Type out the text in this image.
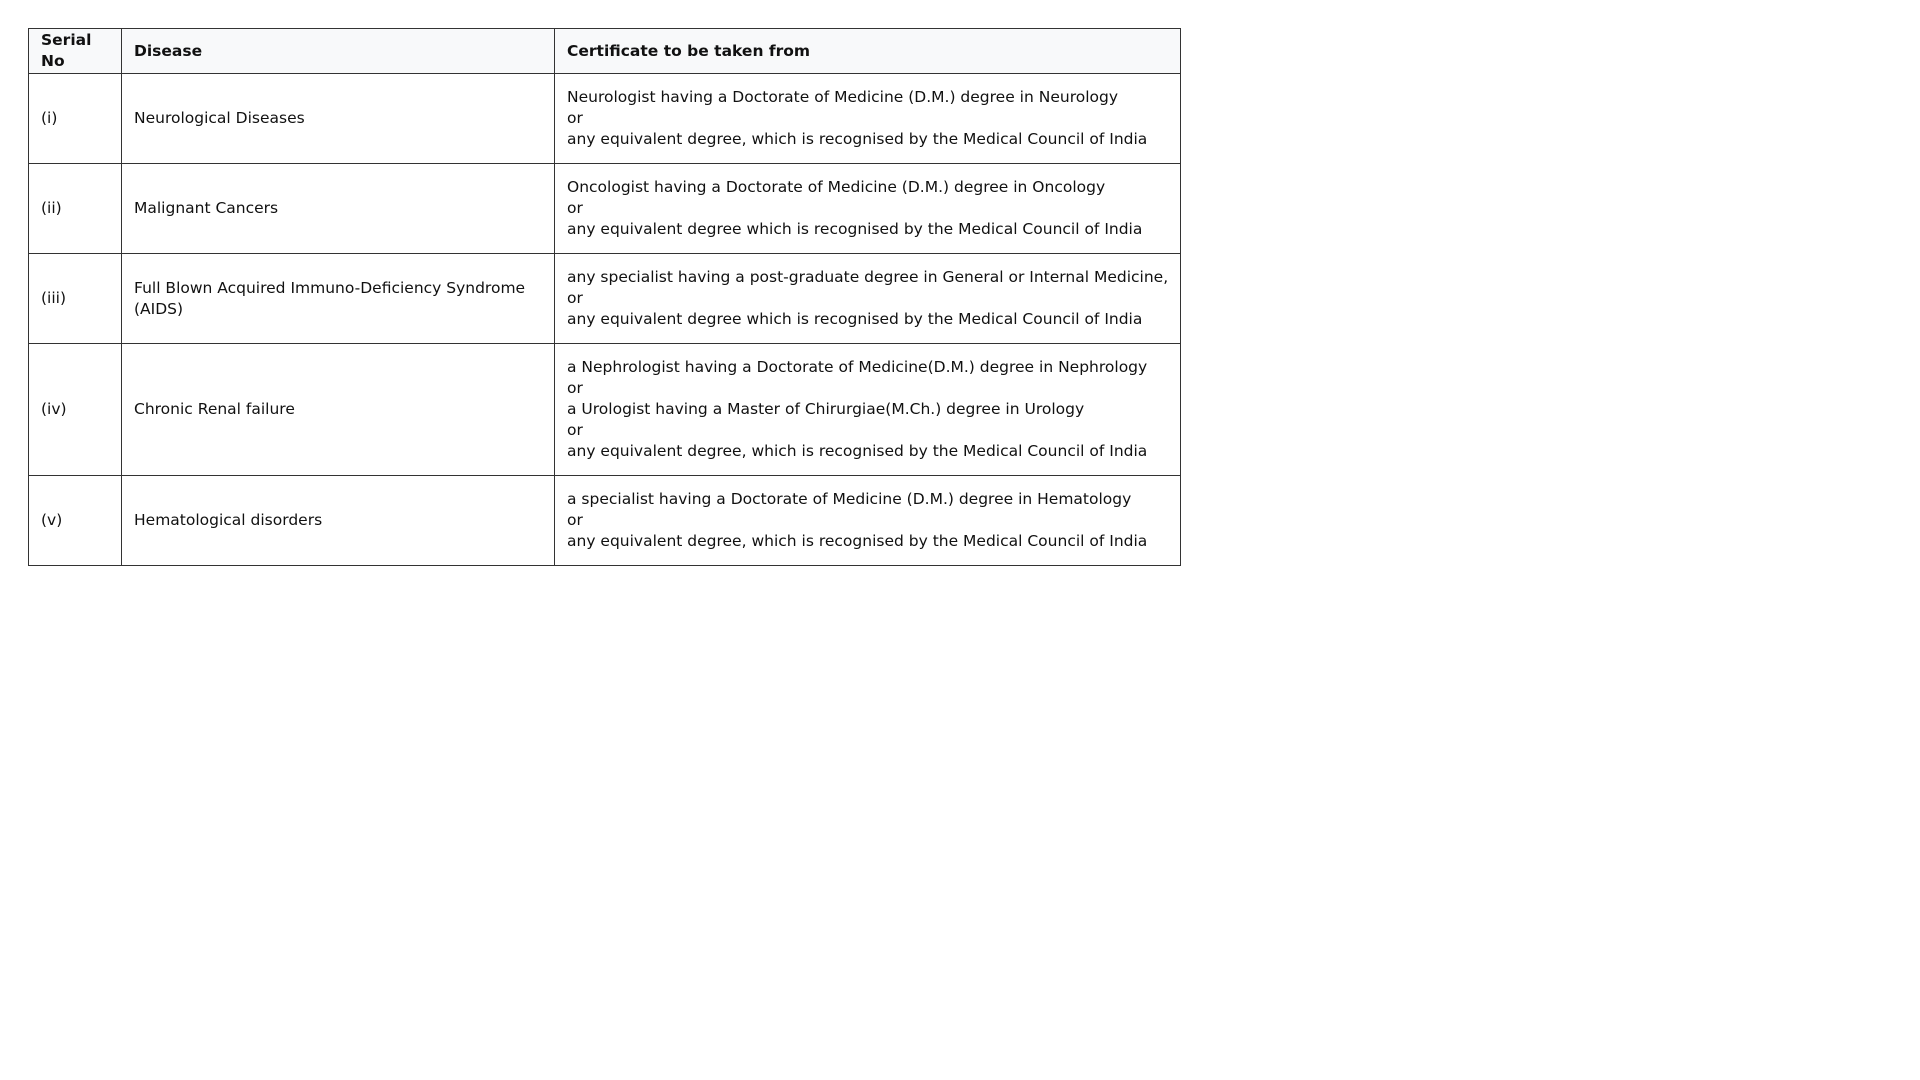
Serial No	Disease	Certificate to be taken from
(i)	Neurological Diseases	Neurologist having a Doctorate of Medicine (D.M.) degree in Neurology
or
any equivalent degree, which is recognised by the Medical Council of India

(ii)	Malignant Cancers	Oncologist having a Doctorate of Medicine (D.M.) degree in Oncology
or
any equivalent degree which is recognised by the Medical Council of India

(iii)	Full Blown Acquired Immuno-Deficiency Syndrome (AIDS)	any specialist having a post-graduate degree in General or Internal Medicine,
or
any equivalent degree which is recognised by the Medical Council of India

(iv)	Chronic Renal failure	a Nephrologist having a Doctorate of Medicine(D.M.) degree in Nephrology
or
a Urologist having a Master of Chirurgiae(M.Ch.) degree in Urology
or
any equivalent degree, which is recognised by the Medical Council of India

(v)	Hematological disorders	a specialist having a Doctorate of Medicine (D.M.) degree in Hematology
or
any equivalent degree, which is recognised by the Medical Council of India
